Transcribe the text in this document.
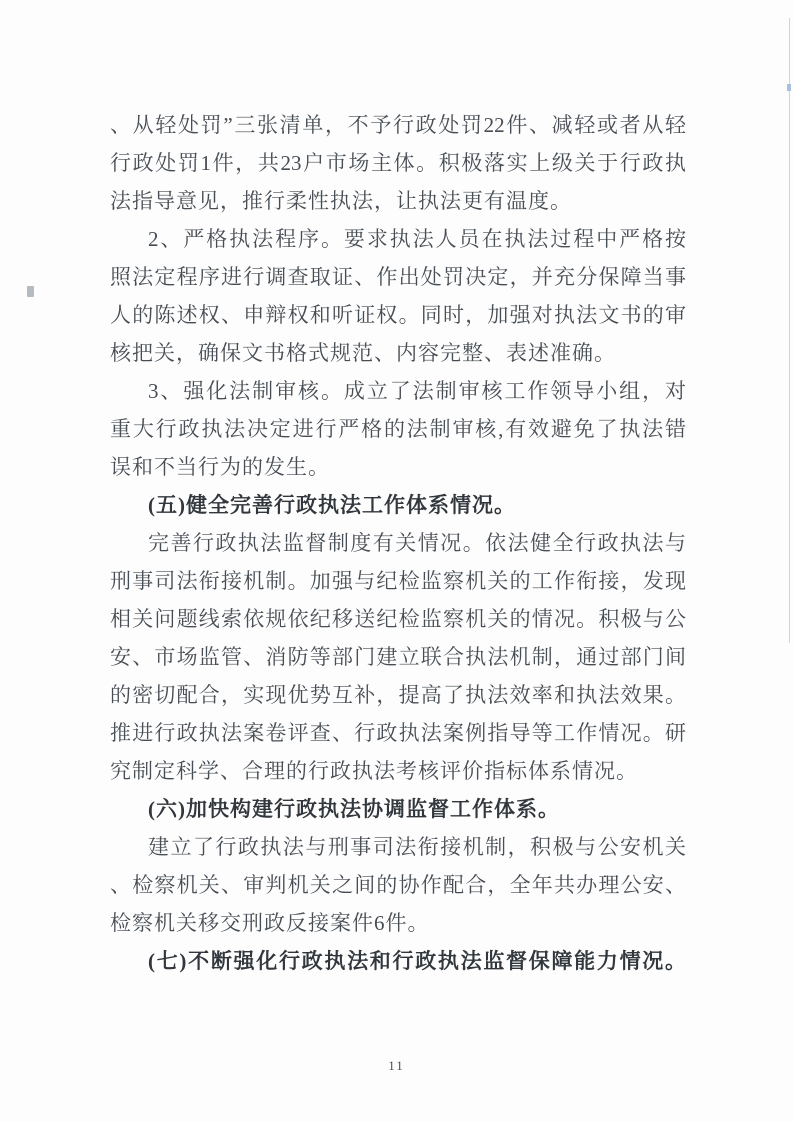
、从轻处罚”三张清单，不予行政处罚22件、减轻或者从轻
行政处罚1件，共23户市场主体。积极落实上级关于行政执
法指导意见，推行柔性执法，让执法更有温度。
2、严格执法程序。要求执法人员在执法过程中严格按
照法定程序进行调查取证、作出处罚决定，并充分保障当事
人的陈述权、申辩权和听证权。同时，加强对执法文书的审
核把关，确保文书格式规范、内容完整、表述准确。
3、强化法制审核。成立了法制审核工作领导小组，对
重大行政执法决定进行严格的法制审核,有效避免了执法错
误和不当行为的发生。
(五)健全完善行政执法工作体系情况。
完善行政执法监督制度有关情况。依法健全行政执法与
刑事司法衔接机制。加强与纪检监察机关的工作衔接，发现
相关问题线索依规依纪移送纪检监察机关的情况。积极与公
安、市场监管、消防等部门建立联合执法机制，通过部门间
的密切配合，实现优势互补，提高了执法效率和执法效果。
推进行政执法案卷评查、行政执法案例指导等工作情况。研
究制定科学、合理的行政执法考核评价指标体系情况。
(六)加快构建行政执法协调监督工作体系。
建立了行政执法与刑事司法衔接机制，积极与公安机关
、检察机关、审判机关之间的协作配合，全年共办理公安、
检察机关移交刑政反接案件6件。
(七)不断强化行政执法和行政执法监督保障能力情况。
11
